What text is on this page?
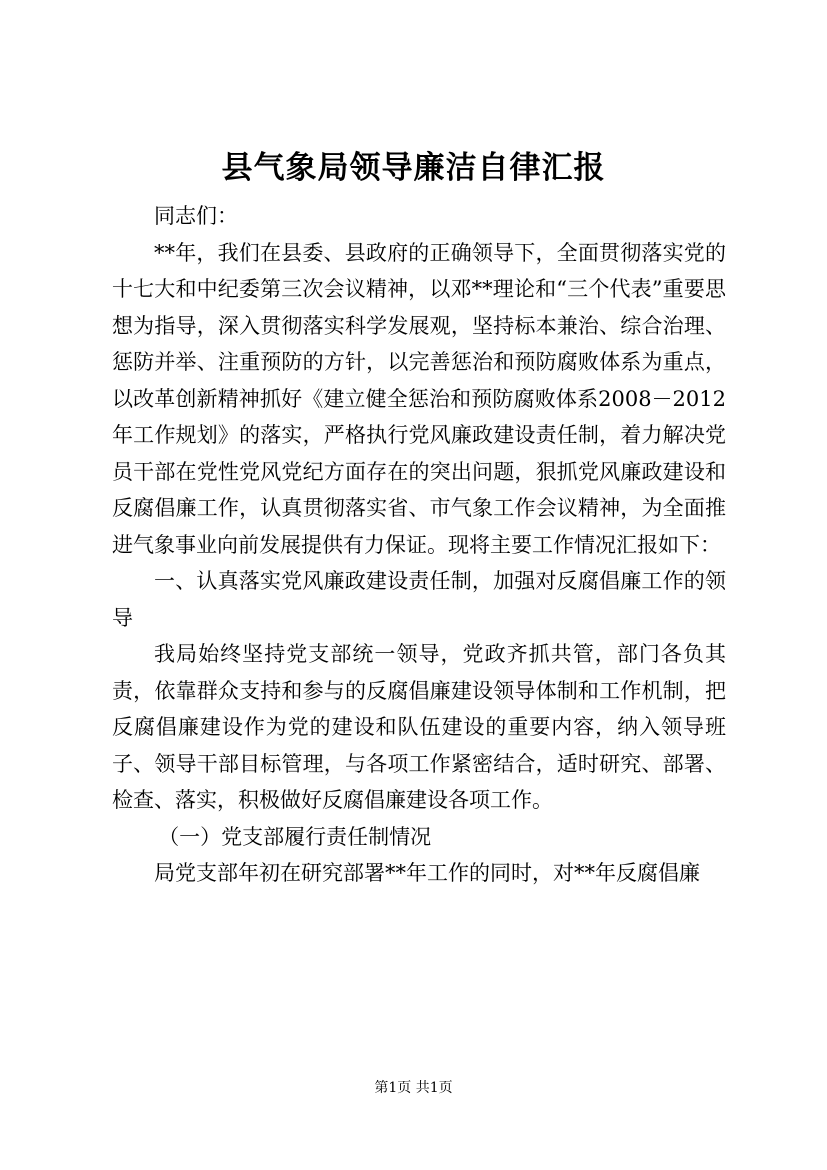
县气象局领导廉洁自律汇报

同志们：

**年，我们在县委、县政府的正确领导下，全面贯彻落实党的十七大和中纪委第三次会议精神，以邓**理论和“三个代表”重要思想为指导，深入贯彻落实科学发展观，坚持标本兼治、综合治理、惩防并举、注重预防的方针，以完善惩治和预防腐败体系为重点，以改革创新精神抓好《建立健全惩治和预防腐败体系2008－2012年工作规划》的落实，严格执行党风廉政建设责任制，着力解决党员干部在党性党风党纪方面存在的突出问题，狠抓党风廉政建设和反腐倡廉工作，认真贯彻落实省、市气象工作会议精神，为全面推进气象事业向前发展提供有力保证。现将主要工作情况汇报如下：

一、认真落实党风廉政建设责任制，加强对反腐倡廉工作的领导

我局始终坚持党支部统一领导，党政齐抓共管，部门各负其责，依靠群众支持和参与的反腐倡廉建设领导体制和工作机制，把反腐倡廉建设作为党的建设和队伍建设的重要内容，纳入领导班子、领导干部目标管理，与各项工作紧密结合，适时研究、部署、检查、落实，积极做好反腐倡廉建设各项工作。

（一）党支部履行责任制情况

局党支部年初在研究部署**年工作的同时，对**年反腐倡廉

第1页 共1页
